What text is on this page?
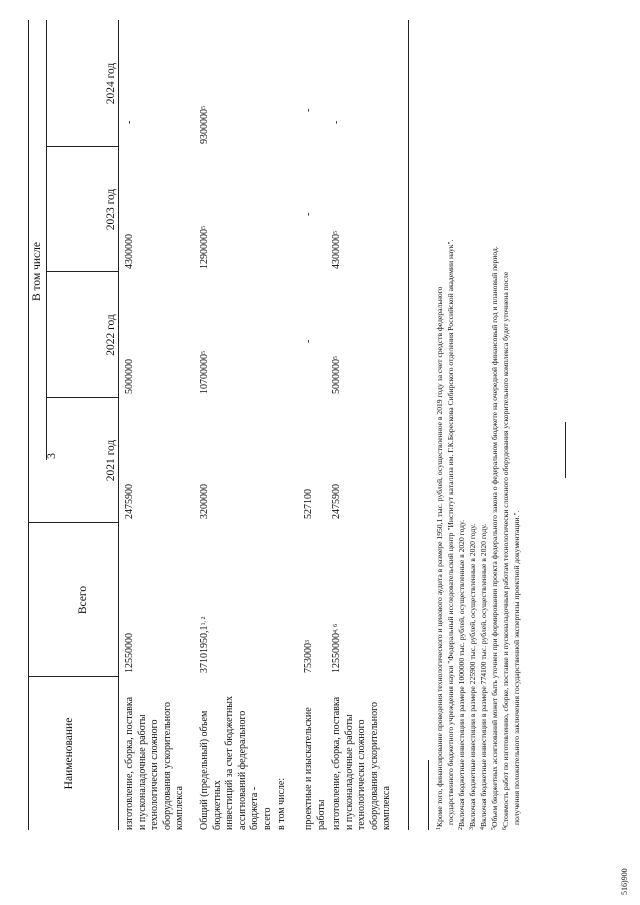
3
Наименование
Всего
В том числе
2021 год
2022 год
2023 год
2024 год
изготовление, сборка, поставка и пусконаладочные работы технологически сложного оборудования ускорительного комплекса
12550000
2475900
5000000
4300000
-
Общий (предельный) объем бюджетных инвестиций за счет бюджетных ассигнований федерального бюджета - всего
37101950,1$^{1, 2}$
3200000
10700000$^5$
12900000$^5$
9300000$^5$
в том числе: проектные и изыскательские работы
753000$^3$
527100
-
-
-
изготовление, сборка, поставка и пусконаладочные работы технологически сложного оборудования ускорительного комплекса
12550000$^{4, 6}$
2475900
5000000$^5$
4300000$^5$
-
$^1$Кроме того, финансирование проведения технологического и ценового аудита в размере 1950,1 тыс. рублей, осуществленное в 2019 году за счет средств федерального государственного бюджетного учреждения науки "Федеральный исследовательский центр "Институт катализа им. Г.К.Борескова Сибирского отделения Российской академии наук".
$^2$Включая бюджетные инвестиции в размере 1000000 тыс. рублей, осуществленные в 2020 году.
$^3$Включая бюджетные инвестиции в размере 225900 тыс. рублей, осуществленные в 2020 году.
$^4$Включая бюджетные инвестиции в размере 774100 тыс. рублей, осуществленные в 2020 году.
$^5$Объем бюджетных ассигнований может быть уточнен при формировании проекта федерального закона о федеральном бюджете на очередной финансовый год и плановый период.
$^6$Стоимость работ по изготовлению, сборке, поставке и пусконаладочным работам технологически сложного оборудования ускорительного комплекса будет уточнена после получения положительного заключения государственной экспертизы проектной документации.".
516)900
